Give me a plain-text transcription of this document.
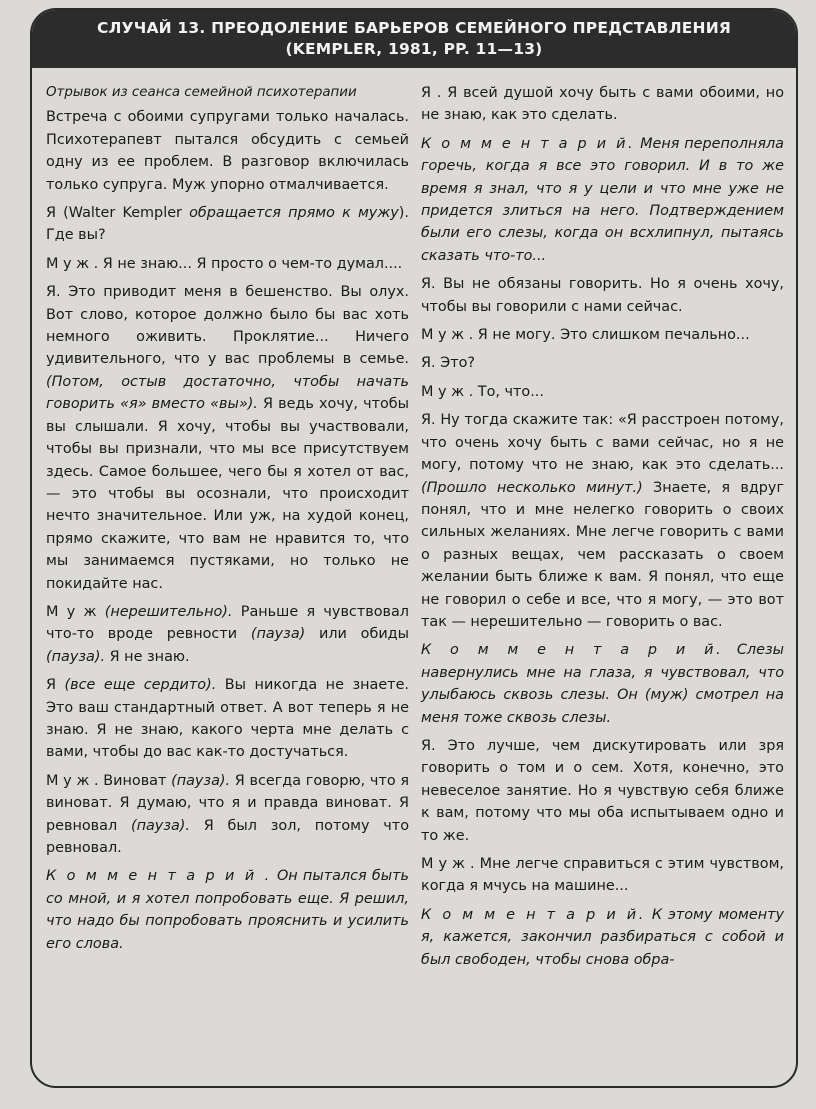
СЛУЧАЙ 13. ПРЕОДОЛЕНИЕ БАРЬЕРОВ СЕМЕЙНОГО ПРЕДСТАВЛЕНИЯ
(KEMPLER, 1981, PP. 11—13)

Отрывок из сеанса семейной психотерапии

Встреча с обоими супругами только началась. Психотерапевт пытался обсудить с семьей одну из ее проблем. В разговор включилась только супруга. Муж упорно отмалчивается.

Я (Walter Kempler обращается прямо к мужу). Где вы?

М у ж . Я не знаю... Я просто о чем-то думал....

Я. Это приводит меня в бешенство. Вы олух. Вот слово, которое должно было бы вас хоть немного оживить. Проклятие... Ничего удивительного, что у вас проблемы в семье. (Потом, остыв достаточно, чтобы начать говорить «я» вместо «вы»). Я ведь хочу, чтобы вы слышали. Я хочу, чтобы вы участвовали, чтобы вы признали, что мы все присутствуем здесь. Самое большее, чего бы я хотел от вас, — это чтобы вы осознали, что происходит нечто значительное. Или уж, на худой конец, прямо скажите, что вам не нравится то, что мы занимаемся пустяками, но только не покидайте нас.

М у ж (нерешительно). Раньше я чувствовал что-то вроде ревности (пауза) или обиды (пауза). Я не знаю.

Я (все еще сердито). Вы никогда не знаете. Это ваш стандартный ответ. А вот теперь я не знаю. Я не знаю, какого черта мне делать с вами, чтобы до вас как-то достучаться.

М у ж . Виноват (пауза). Я всегда говорю, что я виноват. Я думаю, что я и правда виноват. Я ревновал (пауза). Я был зол, потому что ревновал.

К о м м е н т а р и й . Он пытался быть со мной, и я хотел попробовать еще. Я решил, что надо бы попробовать прояснить и усилить его слова.

Я . Я всей душой хочу быть с вами обоими, но не знаю, как это сделать.

К о м м е н т а р и й. Меня переполняла горечь, когда я все это говорил. И в то же время я знал, что я у цели и что мне уже не придется злиться на него. Подтверждением были его слезы, когда он всхлипнул, пытаясь сказать что-то...

Я. Вы не обязаны говорить. Но я очень хочу, чтобы вы говорили с нами сейчас.

М у ж . Я не могу. Это слишком печально...

Я. Это?

М у ж . То, что...

Я. Ну тогда скажите так: «Я расстроен потому, что очень хочу быть с вами сейчас, но я не могу, потому что не знаю, как это сделать... (Прошло несколько минут.) Знаете, я вдруг понял, что и мне нелегко говорить о своих сильных желаниях. Мне легче говорить с вами о разных вещах, чем рассказать о своем желании быть ближе к вам. Я понял, что еще не говорил о себе и все, что я могу, — это вот так — нерешительно — говорить о вас.

К о м м е н т а р и й. Слезы навернулись мне на глаза, я чувствовал, что улыбаюсь сквозь слезы. Он (муж) смотрел на меня тоже сквозь слезы.

Я. Это лучше, чем дискутировать или зря говорить о том и о сем. Хотя, конечно, это невеселое занятие. Но я чувствую себя ближе к вам, потому что мы оба испытываем одно и то же.

М у ж . Мне легче справиться с этим чувством, когда я мчусь на машине...

К о м м е н т а р и й. К этому моменту я, кажется, закончил разбираться с собой и был свободен, чтобы снова обра-
